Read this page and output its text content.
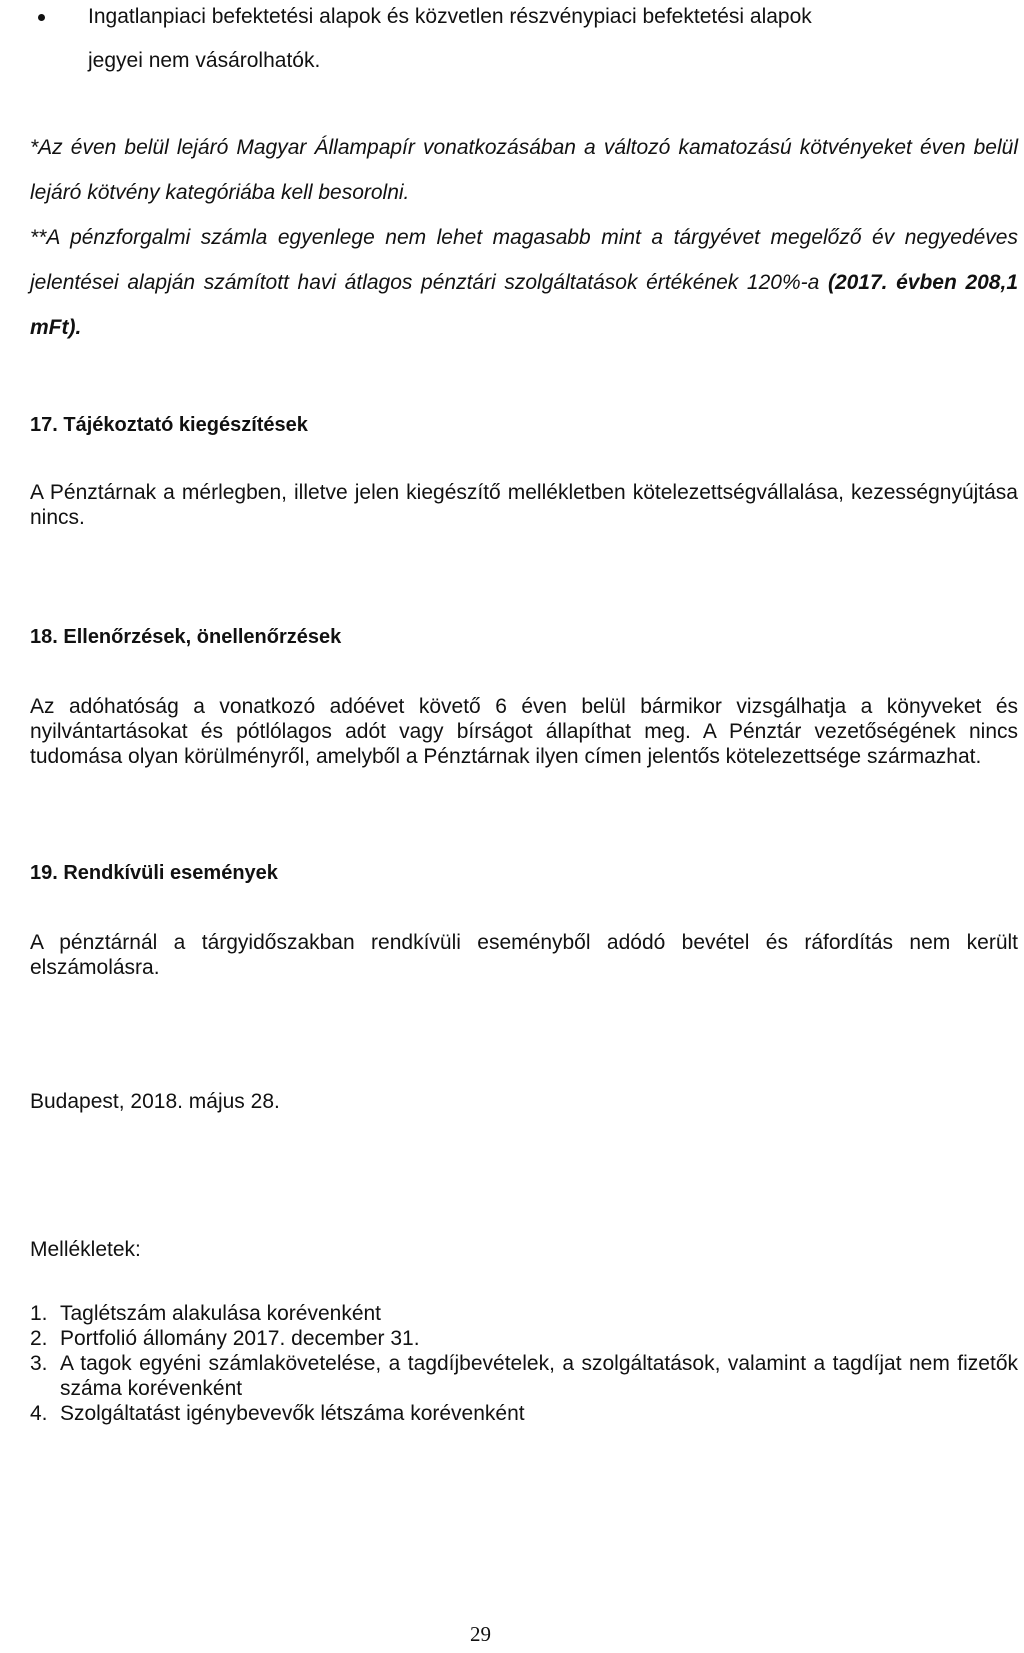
Ingatlanpiaci befektetési alapok és közvetlen részvénypiaci befektetési alapok
jegyei nem vásárolhatók.
*Az éven belül lejáró Magyar Állampapír vonatkozásában a változó kamatozású kötvényeket éven belül lejáró kötvény kategóriába kell besorolni.
**A pénzforgalmi számla egyenlege nem lehet magasabb mint a tárgyévet megelőző év negyedéves jelentései alapján számított havi átlagos pénztári szolgáltatások értékének 120%-a (2017. évben 208,1 mFt).
17. Tájékoztató kiegészítések
A Pénztárnak a mérlegben, illetve jelen kiegészítő mellékletben kötelezettségvállalása, kezességnyújtása nincs.
18. Ellenőrzések, önellenőrzések
Az adóhatóság a vonatkozó adóévet követő 6 éven belül bármikor vizsgálhatja a könyveket és nyilvántartásokat és pótlólagos adót vagy bírságot állapíthat meg. A Pénztár vezetőségének nincs tudomása olyan körülményről, amelyből a Pénztárnak ilyen címen jelentős kötelezettsége származhat.
19. Rendkívüli események
A pénztárnál a tárgyidőszakban rendkívüli eseményből adódó bevétel és ráfordítás nem került elszámolásra.
Budapest, 2018. május 28.
Mellékletek:
1. Taglétszám alakulása korévenként
2. Portfolió állomány 2017. december 31.
3. A tagok egyéni számlakövetelése, a tagdíjbevételek, a szolgáltatások, valamint a tagdíjat nem fizetők száma korévenként
4. Szolgáltatást igénybevevők létszáma korévenként
29
